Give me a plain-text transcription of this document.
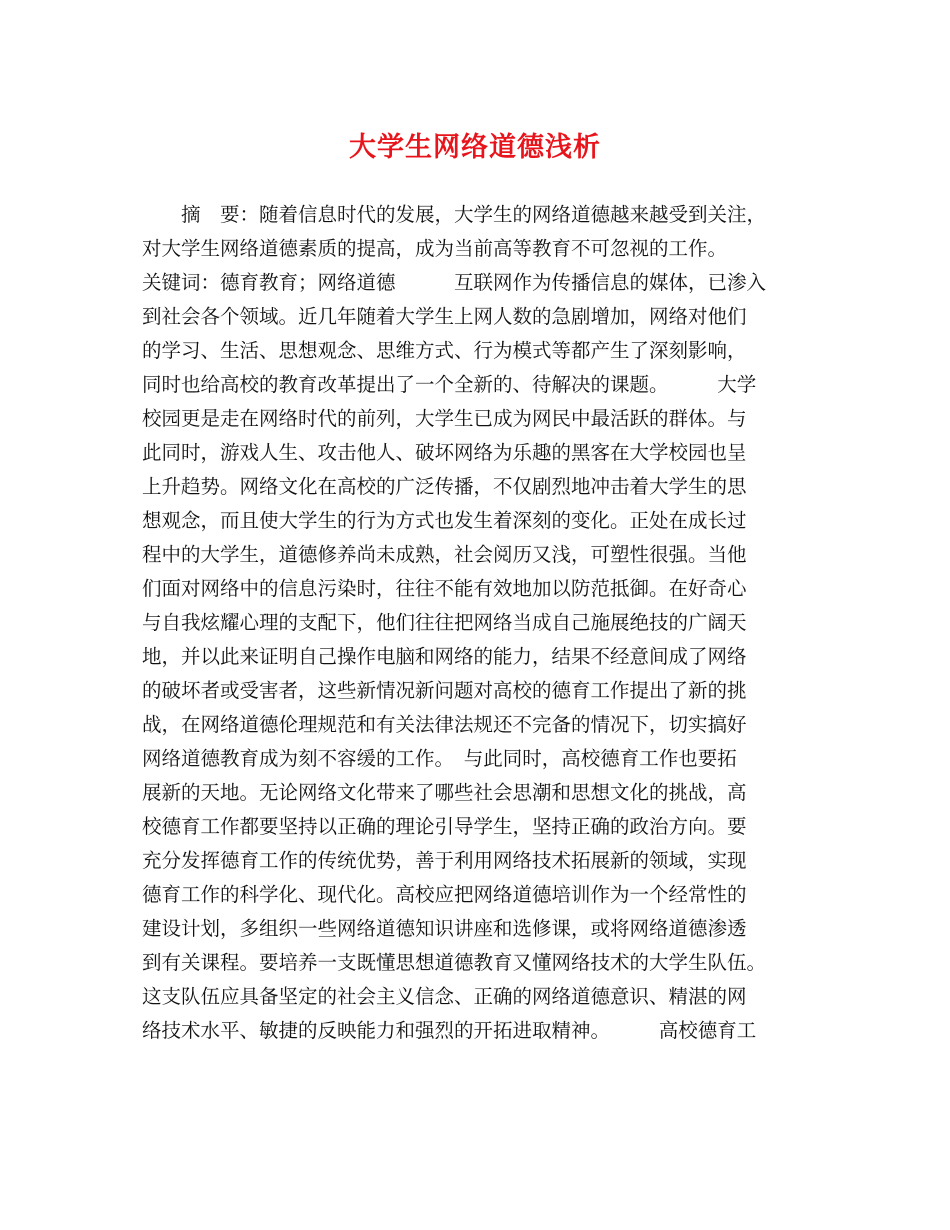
大学生网络道德浅析
　　摘　要：随着信息时代的发展，大学生的网络道德越来越受到关注，
对大学生网络道德素质的提高，成为当前高等教育不可忽视的工作。
关键词：德育教育；网络道德　　　互联网作为传播信息的媒体，已渗入
到社会各个领域。近几年随着大学生上网人数的急剧增加，网络对他们
的学习、生活、思想观念、思维方式、行为模式等都产生了深刻影响，
同时也给高校的教育改革提出了一个全新的、待解决的课题。　　　大学
校园更是走在网络时代的前列，大学生已成为网民中最活跃的群体。与
此同时，游戏人生、攻击他人、破坏网络为乐趣的黑客在大学校园也呈
上升趋势。网络文化在高校的广泛传播，不仅剧烈地冲击着大学生的思
想观念，而且使大学生的行为方式也发生着深刻的变化。正处在成长过
程中的大学生，道德修养尚未成熟，社会阅历又浅，可塑性很强。当他
们面对网络中的信息污染时，往往不能有效地加以防范抵御。在好奇心
与自我炫耀心理的支配下，他们往往把网络当成自己施展绝技的广阔天
地，并以此来证明自己操作电脑和网络的能力，结果不经意间成了网络
的破坏者或受害者，这些新情况新问题对高校的德育工作提出了新的挑
战，在网络道德伦理规范和有关法律法规还不完备的情况下，切实搞好
网络道德教育成为刻不容缓的工作。　与此同时，高校德育工作也要拓
展新的天地。无论网络文化带来了哪些社会思潮和思想文化的挑战，高
校德育工作都要坚持以正确的理论引导学生，坚持正确的政治方向。要
充分发挥德育工作的传统优势，善于利用网络技术拓展新的领域，实现
德育工作的科学化、现代化。高校应把网络道德培训作为一个经常性的
建设计划，多组织一些网络道德知识讲座和选修课，或将网络道德渗透
到有关课程。要培养一支既懂思想道德教育又懂网络技术的大学生队伍。
这支队伍应具备坚定的社会主义信念、正确的网络道德意识、精湛的网
络技术水平、敏捷的反映能力和强烈的开拓进取精神。　　　高校德育工
